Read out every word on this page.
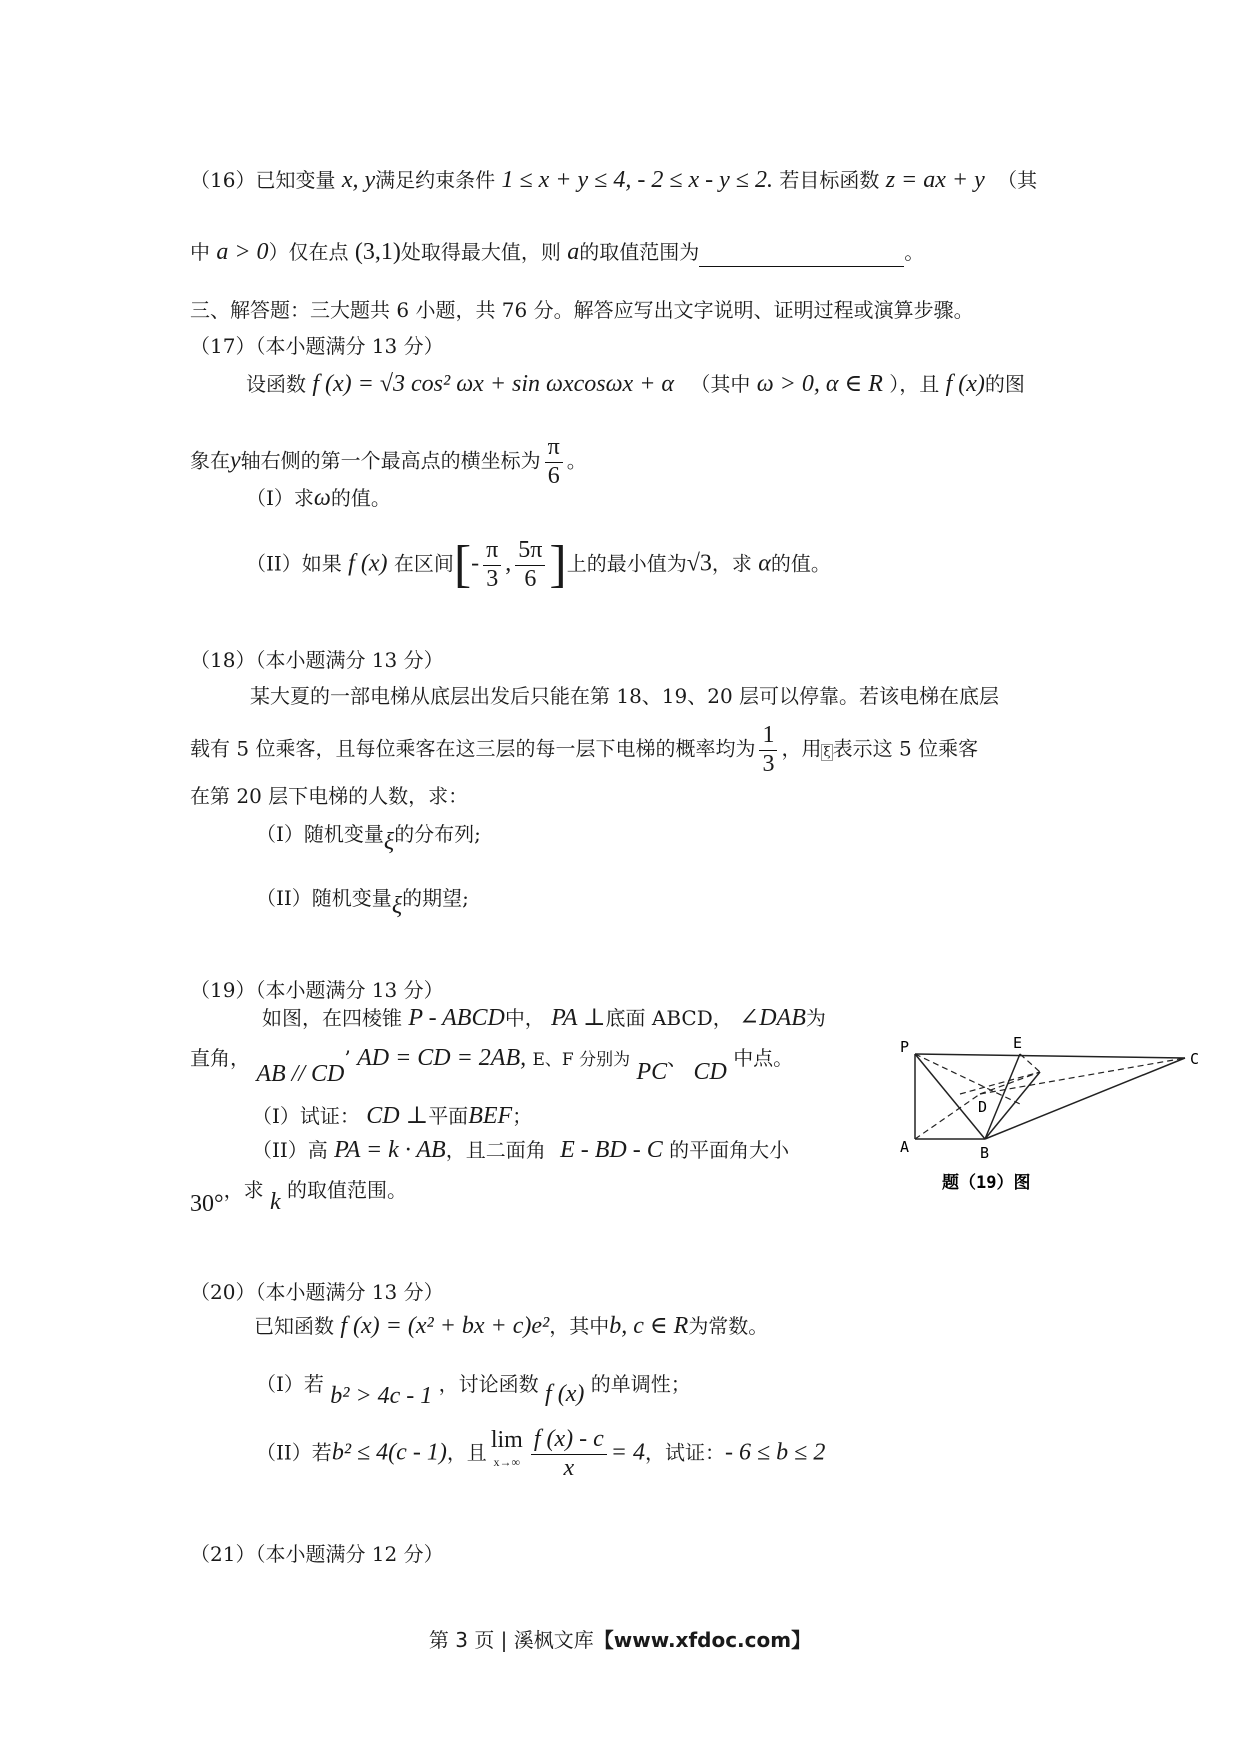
（16）已知变量 x, y满足约束条件 1 ≤ x + y ≤ 4, - 2 ≤ x - y ≤ 2. 若目标函数 z = ax + y （其
中 a > 0）仅在点 (3,1)处取得最大值，则 a的取值范围为	。
三、解答题：三大题共 6 小题，共 76 分。解答应写出文字说明、证明过程或演算步骤。
（17）（本小题满分 13 分）
设函数 f (x) = √3 cos² ωx + sin ωxcosωx + α （其中 ω > 0, α ∈ R ），且 f (x)的图
象在y轴右侧的第一个最高点的横坐标为 $\frac{\pi}{6}$ 。
（I）求ω的值。
（II）如果 f (x) 在区间[- $\frac{\pi}{3}$ , $\frac{5\pi}{6}$ ]上的最小值为√3，求 α的值。
（18）（本小题满分 13 分）
某大夏的一部电梯从底层出发后只能在第 18、19、20 层可以停靠。若该电梯在底层
载有 5 位乘客，且每位乘客在这三层的每一层下电梯的概率均为 $\frac{1}{3}$ ，用 ξ 表示这 5 位乘客
在第 20 层下电梯的人数，求：
（I）随机变量ξ的分布列;
（II）随机变量ξ的期望;
（19）（本小题满分 13 分）
如图，在四棱锥 P - ABCD中， PA ⊥底面 ABCD， ∠DAB为
直角， AB // CD’ AD = CD = 2AB, E、F 分别为 PC、 CD 中点。
（I）试证： CD ⊥平面BEF；
（II）高 PA = k · AB，且二面角 E - BD - C 的平面角大小
30°，求 k 的取值范围。
P	E
C
D
A	B
题（19）图
（20）（本小题满分 13 分）
已知函数 f (x) = (x² + bx + c)e²，其中b, c ∈ R为常数。
（I）若 b² > 4c - 1 ，讨论函数 f (x) 的单调性；
（II）若b² ≤ 4(c - 1)，且 lim
$x\to\infty \frac{f (x) - c}{x} = 4$，试证：- 6 ≤ b ≤ 2
（21）（本小题满分 12 分）
第 3 页 | 溪枫文库【www.xfdoc.com】
